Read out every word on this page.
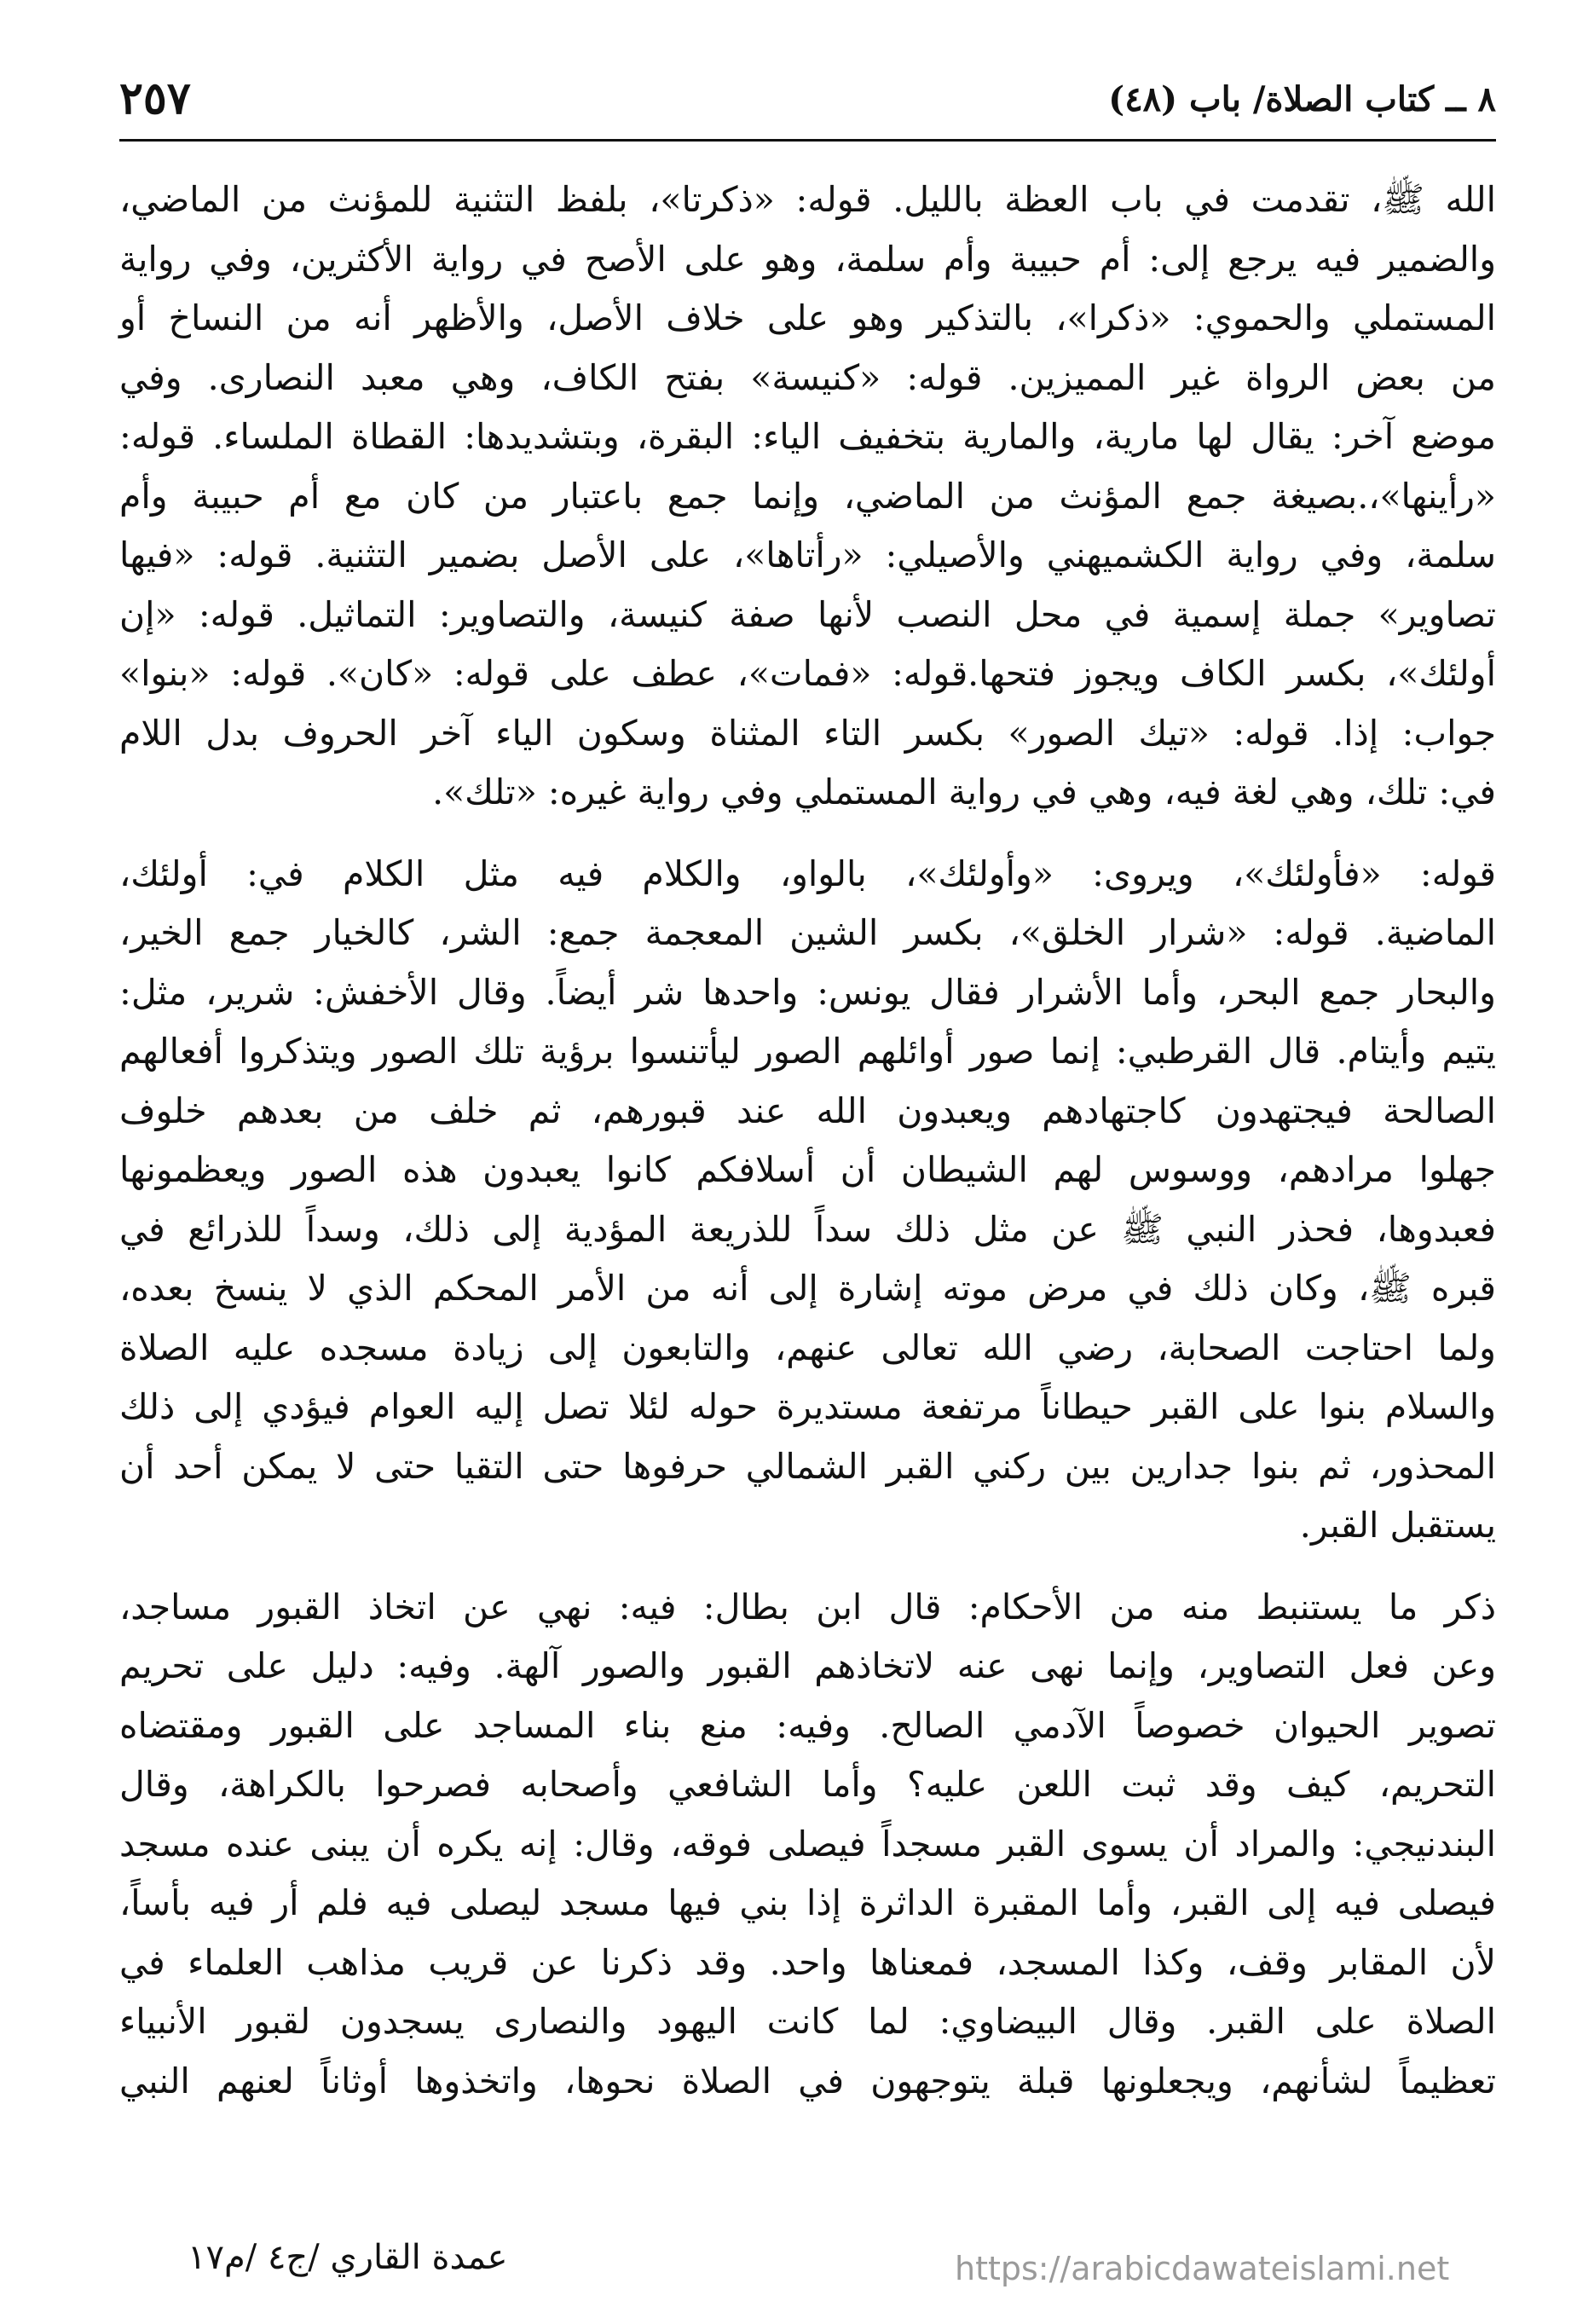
٨ ــ كتاب الصلاة/ باب (٤٨)
٢٥٧

الله ﷺ، تقدمت في باب العظة بالليل. قوله: «ذكرتا»، بلفظ التثنية للمؤنث من الماضي،
والضمير فيه يرجع إلى: أم حبيبة وأم سلمة، وهو على الأصح في رواية الأكثرين، وفي رواية
المستملي والحموي: «ذكرا»، بالتذكير وهو على خلاف الأصل، والأظهر أنه من النساخ أو
من بعض الرواة غير المميزين. قوله: «كنيسة» بفتح الكاف، وهي معبد النصارى. وفي
موضع آخر: يقال لها مارية، والمارية بتخفيف الياء: البقرة، وبتشديدها: القطاة الملساء. قوله:
«رأينها»،.بصيغة جمع المؤنث من الماضي، وإنما جمع باعتبار من كان مع أم حبيبة وأم
سلمة، وفي رواية الكشميهني والأصيلي: «رأتاها»، على الأصل بضمير التثنية. قوله: «فيها
تصاوير» جملة إسمية في محل النصب لأنها صفة كنيسة، والتصاوير: التماثيل. قوله: «إن
أولئك»، بكسر الكاف ويجوز فتحها.قوله: «فمات»، عطف على قوله: «كان». قوله: «بنوا»
جواب: إذا. قوله: «تيك الصور» بكسر التاء المثناة وسكون الياء آخر الحروف بدل اللام
في: تلك، وهي لغة فيه، وهي في رواية المستملي وفي رواية غيره: «تلك».

قوله: «فأولئك»، ويروى: «وأولئك»، بالواو، والكلام فيه مثل الكلام في: أولئك،
الماضية. قوله: «شرار الخلق»، بكسر الشين المعجمة جمع: الشر، كالخيار جمع الخير،
والبحار جمع البحر، وأما الأشرار فقال يونس: واحدها شر أيضاً. وقال الأخفش: شرير، مثل:
يتيم وأيتام. قال القرطبي: إنما صور أوائلهم الصور ليأتنسوا برؤية تلك الصور ويتذكروا أفعالهم
الصالحة فيجتهدون كاجتهادهم ويعبدون الله عند قبورهم، ثم خلف من بعدهم خلوف
جهلوا مرادهم، ووسوس لهم الشيطان أن أسلافكم كانوا يعبدون هذه الصور ويعظمونها
فعبدوها، فحذر النبي ﷺ عن مثل ذلك سداً للذريعة المؤدية إلى ذلك، وسداً للذرائع في
قبره ﷺ، وكان ذلك في مرض موته إشارة إلى أنه من الأمر المحكم الذي لا ينسخ بعده،
ولما احتاجت الصحابة، رضي الله تعالى عنهم، والتابعون إلى زيادة مسجده عليه الصلاة
والسلام بنوا على القبر حيطاناً مرتفعة مستديرة حوله لئلا تصل إليه العوام فيؤدي إلى ذلك
المحذور، ثم بنوا جدارين بين ركني القبر الشمالي حرفوها حتى التقيا حتى لا يمكن أحد أن
يستقبل القبر.

ذكر ما يستنبط منه من الأحكام: قال ابن بطال: فيه: نهي عن اتخاذ القبور مساجد،
وعن فعل التصاوير، وإنما نهى عنه لاتخاذهم القبور والصور آلهة. وفيه: دليل على تحريم
تصوير الحيوان خصوصاً الآدمي الصالح. وفيه: منع بناء المساجد على القبور ومقتضاه
التحريم، كيف وقد ثبت اللعن عليه؟ وأما الشافعي وأصحابه فصرحوا بالكراهة، وقال
البندنيجي: والمراد أن يسوى القبر مسجداً فيصلى فوقه، وقال: إنه يكره أن يبنى عنده مسجد
فيصلى فيه إلى القبر، وأما المقبرة الداثرة إذا بني فيها مسجد ليصلى فيه فلم أر فيه بأساً،
لأن المقابر وقف، وكذا المسجد، فمعناها واحد. وقد ذكرنا عن قريب مذاهب العلماء في
الصلاة على القبر. وقال البيضاوي: لما كانت اليهود والنصارى يسجدون لقبور الأنبياء
تعظيماً لشأنهم، ويجعلونها قبلة يتوجهون في الصلاة نحوها، واتخذوها أوثاناً لعنهم النبي

عمدة القاري /ج٤ /م١٧	https://arabicdawateislami.net
